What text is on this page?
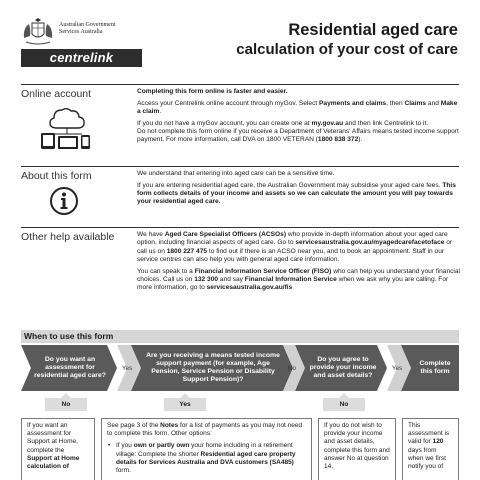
Australian Government
Services Australia
centrelink
Residential aged care
calculation of your cost of care
Online account	Completing this form online is faster and easier.

Access your Centrelink online account through myGov. Select Payments and claims, then Claims and Make a claim.

If you do not have a myGov account, you can create one at my.gov.au and then link Centrelink to it.

Do not complete this form online if you receive a Department of Veterans' Affairs means tested income support payment. For more information, call DVA on 1800 VETERAN (1800 838 372).

About this form	We understand that entering into aged care can be a sensitive time.

If you are entering residential aged care, the Australian Government may subsidise your aged care fees. This form collects details of your income and assets so we can calculate the amount you will pay towards your residential aged care.

Other help available	We have Aged Care Specialist Officers (ACSOs) who provide in-depth information about your aged care option, including financial aspects of aged care. Go to servicesaustralia.gov.au/myagedcarefacetoface or call us on 1800 227 475 to find out if there is an ACSO near you, and to book an appointment. Staff in our service centres can also help you with general aged care information.

You can speak to a Financial Information Service Officer (FISO) who can help you understand your financial choices. Call us on 132 300 and say Financial Information Service when we ask why you are calling. For more information, go to servicesaustralia.gov.au/fis

When to use this form
Do you want an assessment for residential aged care?
Yes
Are you receiving a means tested income support payment (for example, Age Pension, Service Pension or Disability Support Pension)?
No
Do you agree to provide your income and asset details?
Yes
Complete this form
No	Yes	No
If you want an assessment for Support at Home, complete the Support at Home calculation of
See page 3 of the Notes for a list of payments as you may not need to complete this form. Other options:
• If you own or partly own your home including in a retirement village: Complete the shorter Residential aged care property details for Services Australia and DVA customers (SA485) form.
If you do not wish to provide your income and asset details, complete this form and answer No at question 14.
This assessment is valid for 120 days from when we first notify you of
